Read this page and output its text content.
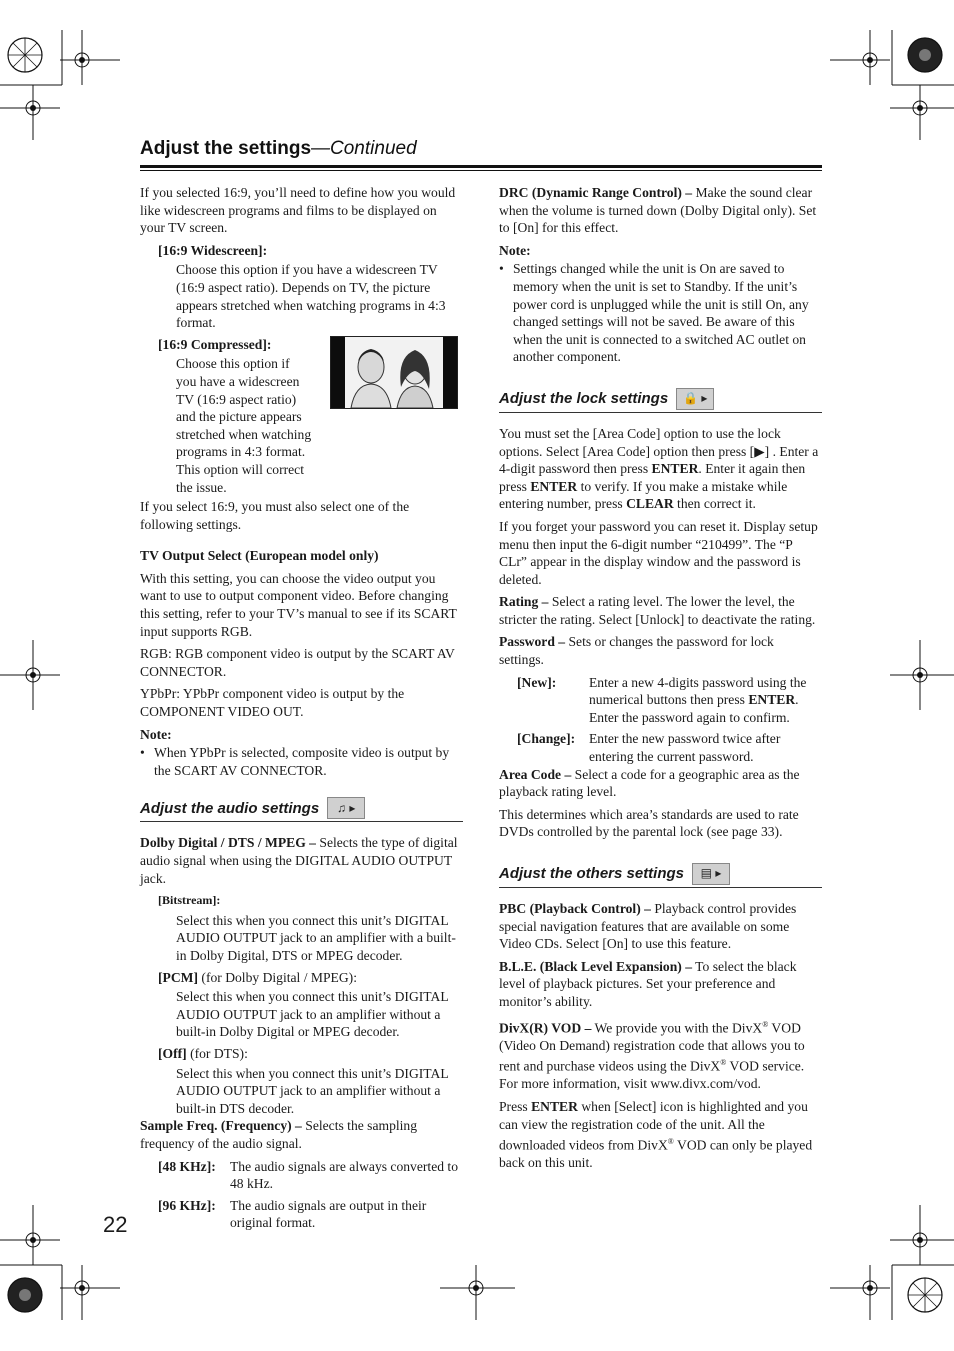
Adjust the settings—Continued

If you selected 16:9, you’ll need to define how you would like widescreen programs and films to be displayed on your TV screen.

[16:9 Widescreen]:

Choose this option if you have a widescreen TV (16:9 aspect ratio). Depends on TV, the picture appears stretched when watching programs in 4:3 format.

[16:9 Compressed]:

Choose this option if you have a widescreen TV (16:9 aspect ratio) and the picture appears stretched when watching programs in 4:3 format. This option will correct the issue.

If you select 16:9, you must also select one of the following settings.

TV Output Select (European model only)

With this setting, you can choose the video output you want to use to output component video. Before changing this setting, refer to your TV’s manual to see if its SCART input supports RGB.

RGB: RGB component video is output by the SCART AV CONNECTOR.

YPbPr: YPbPr component video is output by the COMPONENT VIDEO OUT.

Note:

• When YPbPr is selected, composite video is output by the SCART AV CONNECTOR.
Adjust the audio settings	♫ ▸

Dolby Digital / DTS / MPEG – Selects the type of digital audio signal when using the DIGITAL AUDIO OUTPUT jack.

[Bitstream]:

Select this when you connect this unit’s DIGITAL AUDIO OUTPUT jack to an amplifier with a built-in Dolby Digital, DTS or MPEG decoder.

[PCM] (for Dolby Digital / MPEG):

Select this when you connect this unit’s DIGITAL AUDIO OUTPUT jack to an amplifier without a built-in Dolby Digital or MPEG decoder.

[Off] (for DTS):

Select this when you connect this unit’s DIGITAL AUDIO OUTPUT jack to an amplifier without a built-in DTS decoder.

Sample Freq. (Frequency) – Selects the sampling frequency of the audio signal.

[48 KHz]:	The audio signals are always converted to 48 kHz.
[96 KHz]:	The audio signals are output in their original format.

DRC (Dynamic Range Control) – Make the sound clear when the volume is turned down (Dolby Digital only). Set to [On] for this effect.

Note:

• Settings changed while the unit is On are saved to memory when the unit is set to Standby. If the unit’s power cord is unplugged while the unit is still On, any changed settings will not be saved. Be aware of this when the unit is connected to a switched AC outlet on another component.
Adjust the lock settings	🔒 ▸

You must set the [Area Code] option to use the lock options. Select [Area Code] option then press [▶] . Enter a 4-digit password then press ENTER. Enter it again then press ENTER to verify. If you make a mistake while entering number, press CLEAR then correct it.

If you forget your password you can reset it. Display setup menu then input the 6-digit number “210499”. The “P CLr” appear in the display window and the password is deleted.

Rating – Select a rating level. The lower the level, the stricter the rating. Select [Unlock] to deactivate the rating.

Password – Sets or changes the password for lock settings.

[New]:	Enter a new 4-digits password using the numerical buttons then press ENTER. Enter the password again to confirm.
[Change]:	Enter the new password twice after entering the current password.

Area Code – Select a code for a geographic area as the playback rating level.

This determines which area’s standards are used to rate DVDs controlled by the parental lock (see page 33).

Adjust the others settings	▤ ▸

PBC (Playback Control) – Playback control provides special navigation features that are available on some Video CDs. Select [On] to use this feature.

B.L.E. (Black Level Expansion) – To select the black level of playback pictures. Set your preference and monitor’s ability.

DivX(R) VOD – We provide you with the DivX® VOD (Video On Demand) registration code that allows you to rent and purchase videos using the DivX® VOD service. For more information, visit www.divx.com/vod.

Press ENTER when [Select] icon is highlighted and you can view the registration code of the unit. All the downloaded videos from DivX® VOD can only be played back on this unit.

22
